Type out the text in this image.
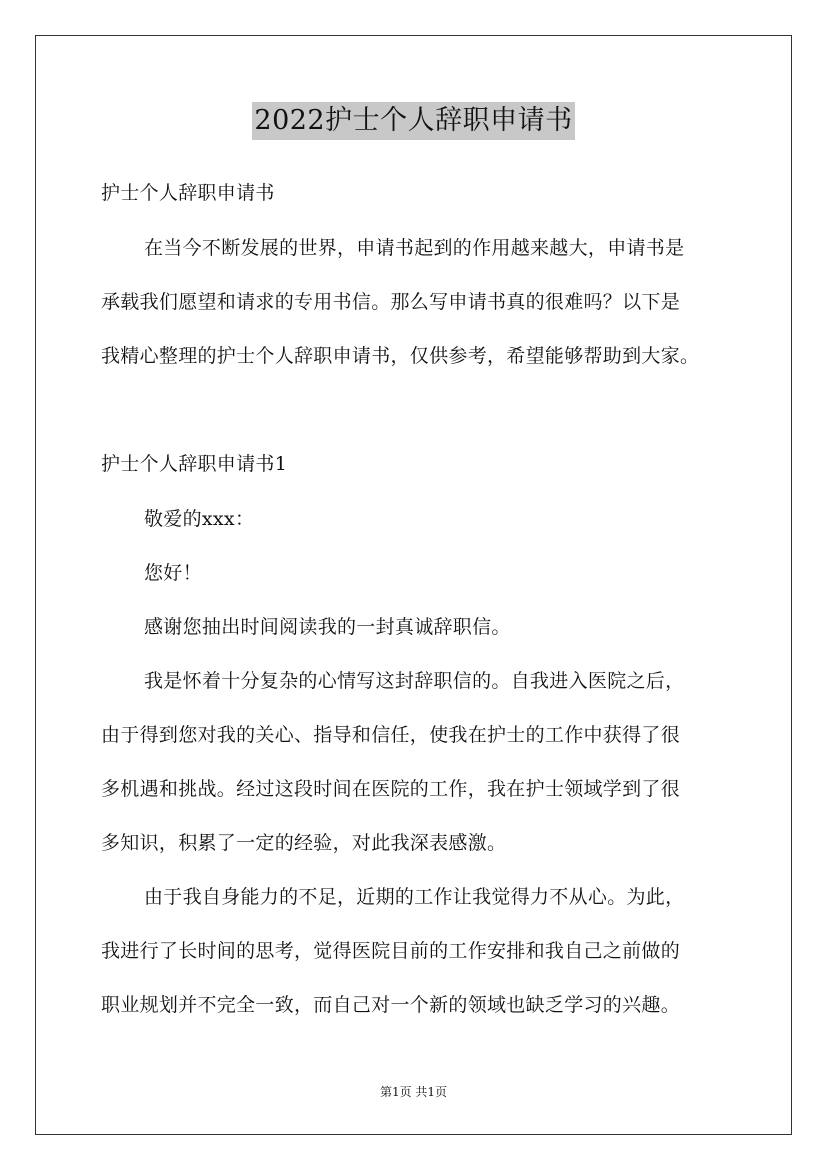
2022护士个人辞职申请书
护士个人辞职申请书
在当今不断发展的世界，申请书起到的作用越来越大，申请书是
承载我们愿望和请求的专用书信。那么写申请书真的很难吗？以下是
我精心整理的护士个人辞职申请书，仅供参考，希望能够帮助到大家。
护士个人辞职申请书1
敬爱的xxx：
您好！
感谢您抽出时间阅读我的一封真诚辞职信。
我是怀着十分复杂的心情写这封辞职信的。自我进入医院之后，
由于得到您对我的关心、指导和信任，使我在护士的工作中获得了很
多机遇和挑战。经过这段时间在医院的工作，我在护士领域学到了很
多知识，积累了一定的经验，对此我深表感激。
由于我自身能力的不足，近期的工作让我觉得力不从心。为此，
我进行了长时间的思考，觉得医院目前的工作安排和我自己之前做的
职业规划并不完全一致，而自己对一个新的领域也缺乏学习的兴趣。
第1页 共1页
